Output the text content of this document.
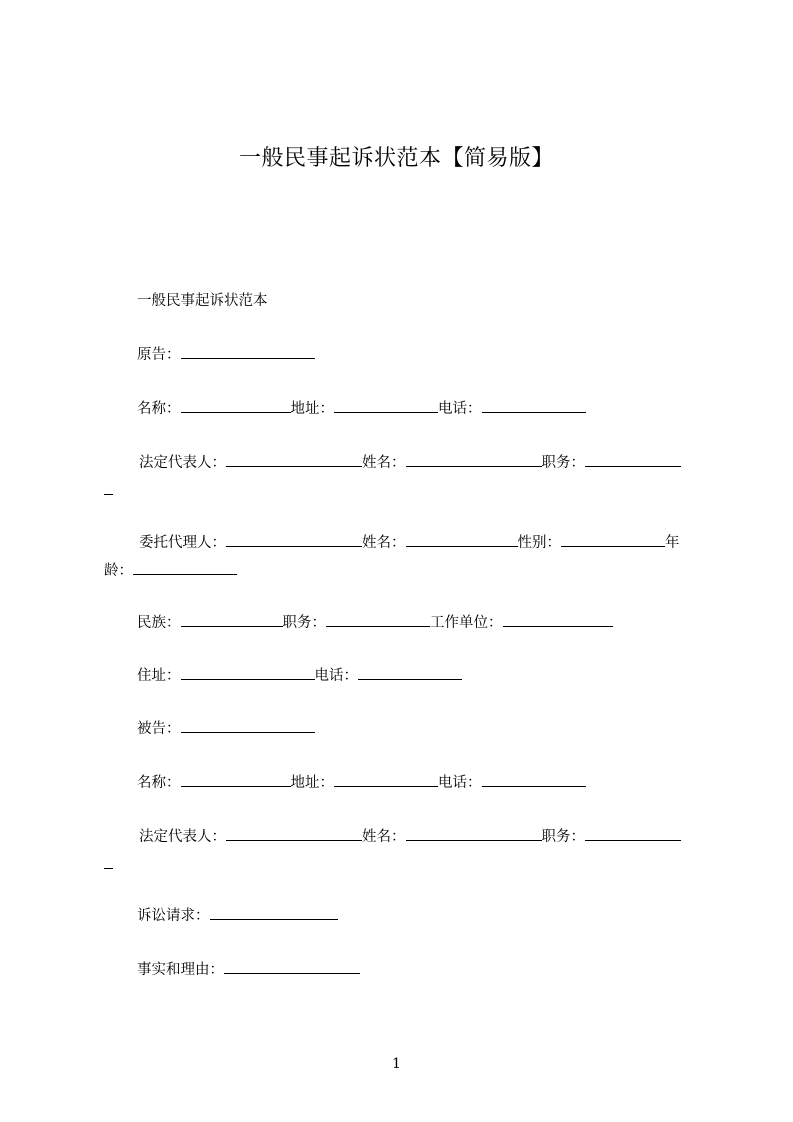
一般民事起诉状范本【简易版】
一般民事起诉状范本
原告：
名称：	地址：	电话：
法定代表人：	姓名：	职务：
委托代理人：	姓名：	性别：	年
龄：
民族：	职务：	工作单位：
住址：	电话：
被告：
名称：	地址：	电话：
法定代表人：	姓名：	职务：
诉讼请求：
事实和理由：
1
